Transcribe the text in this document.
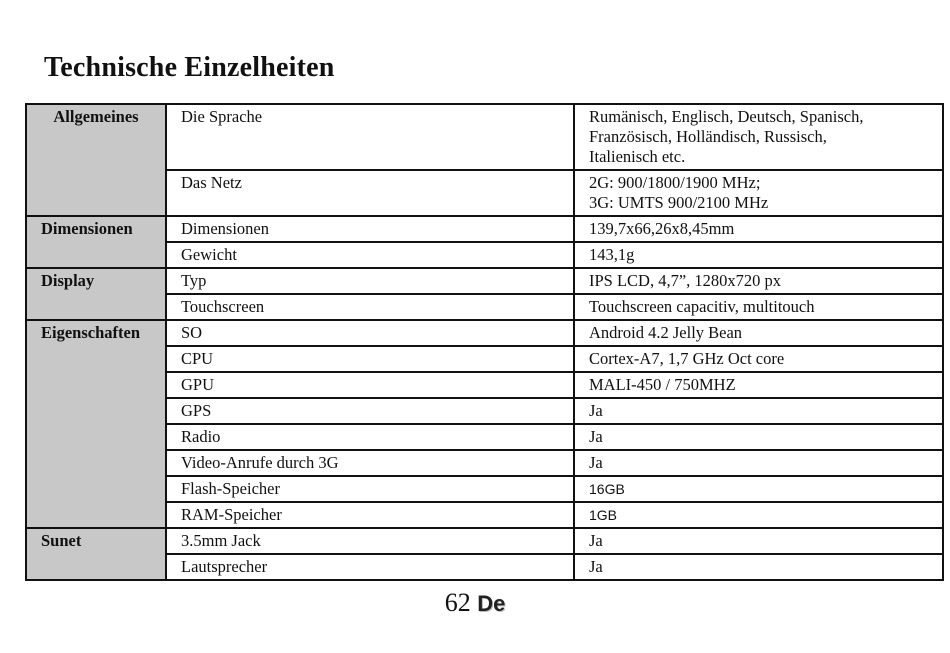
Technische Einzelheiten
Allgemeines	Die Sprache	Rumänisch, Englisch, Deutsch, Spanisch,
Französisch, Holländisch, Russisch,
Italienisch etc.
	Das Netz	2G: 900/1800/1900 MHz;
3G: UMTS 900/2100 MHz
Dimensionen	Dimensionen	139,7x66,26x8,45mm
	Gewicht	143,1g
Display	Typ	IPS LCD, 4,7”, 1280x720 px
	Touchscreen	Touchscreen capacitiv, multitouch
Eigenschaften	SO	Android 4.2 Jelly Bean
	CPU	Cortex-A7, 1,7 GHz Oct core
	GPU	MALI-450 / 750MHZ
	GPS	Ja
	Radio	Ja
	Video-Anrufe durch 3G	Ja
	Flash-Speicher	16GB
	RAM-Speicher	1GB
Sunet	3.5mm Jack	Ja
	Lautsprecher	Ja
62 De
